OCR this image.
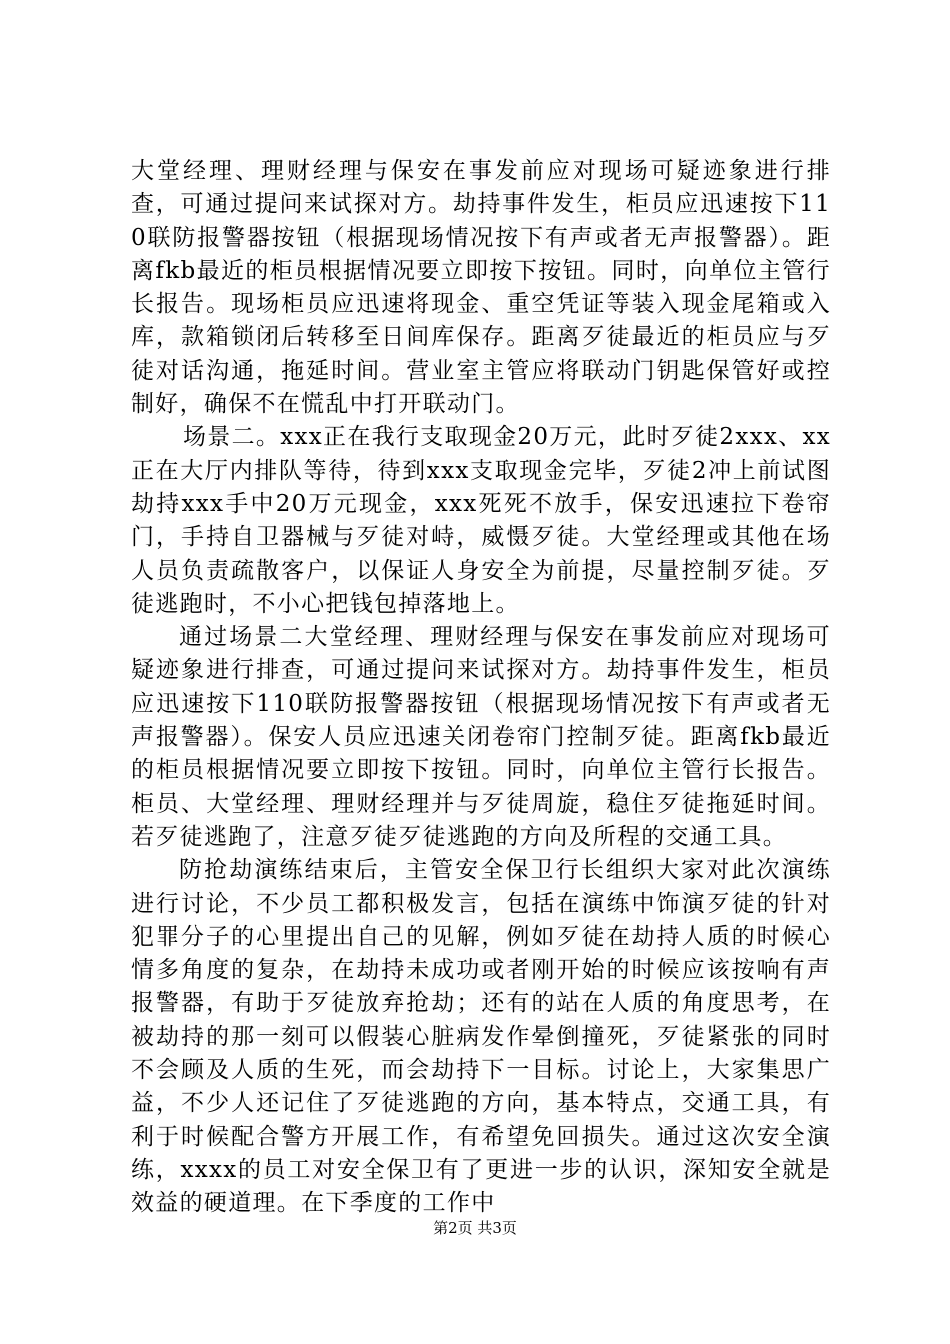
大堂经理、理财经理与保安在事发前应对现场可疑迹象进行排查，可通过提问来试探对方。劫持事件发生，柜员应迅速按下110联防报警器按钮（根据现场情况按下有声或者无声报警器）。距离fkb最近的柜员根据情况要立即按下按钮。同时，向单位主管行长报告。现场柜员应迅速将现金、重空凭证等装入现金尾箱或入库，款箱锁闭后转移至日间库保存。距离歹徒最近的柜员应与歹徒对话沟通，拖延时间。营业室主管应将联动门钥匙保管好或控制好，确保不在慌乱中打开联动门。

场景二。xxx正在我行支取现金20万元，此时歹徒2xxx、xx正在大厅内排队等待，待到xxx支取现金完毕，歹徒2冲上前试图劫持xxx手中20万元现金，xxx死死不放手，保安迅速拉下卷帘门，手持自卫器械与歹徒对峙，威慑歹徒。大堂经理或其他在场人员负责疏散客户，以保证人身安全为前提，尽量控制歹徒。歹徒逃跑时，不小心把钱包掉落地上。

通过场景二大堂经理、理财经理与保安在事发前应对现场可疑迹象进行排查，可通过提问来试探对方。劫持事件发生，柜员应迅速按下110联防报警器按钮（根据现场情况按下有声或者无声报警器）。保安人员应迅速关闭卷帘门控制歹徒。距离fkb最近的柜员根据情况要立即按下按钮。同时，向单位主管行长报告。柜员、大堂经理、理财经理并与歹徒周旋，稳住歹徒拖延时间。若歹徒逃跑了，注意歹徒歹徒逃跑的方向及所程的交通工具。

防抢劫演练结束后，主管安全保卫行长组织大家对此次演练进行讨论，不少员工都积极发言，包括在演练中饰演歹徒的针对犯罪分子的心里提出自己的见解，例如歹徒在劫持人质的时候心情多角度的复杂，在劫持未成功或者刚开始的时候应该按响有声报警器，有助于歹徒放弃抢劫；还有的站在人质的角度思考，在被劫持的那一刻可以假装心脏病发作晕倒撞死，歹徒紧张的同时不会顾及人质的生死，而会劫持下一目标。讨论上，大家集思广益，不少人还记住了歹徒逃跑的方向，基本特点，交通工具，有利于时候配合警方开展工作，有希望免回损失。通过这次安全演练，xxxx的员工对安全保卫有了更进一步的认识，深知安全就是效益的硬道理。在下季度的工作中

第2页 共3页
